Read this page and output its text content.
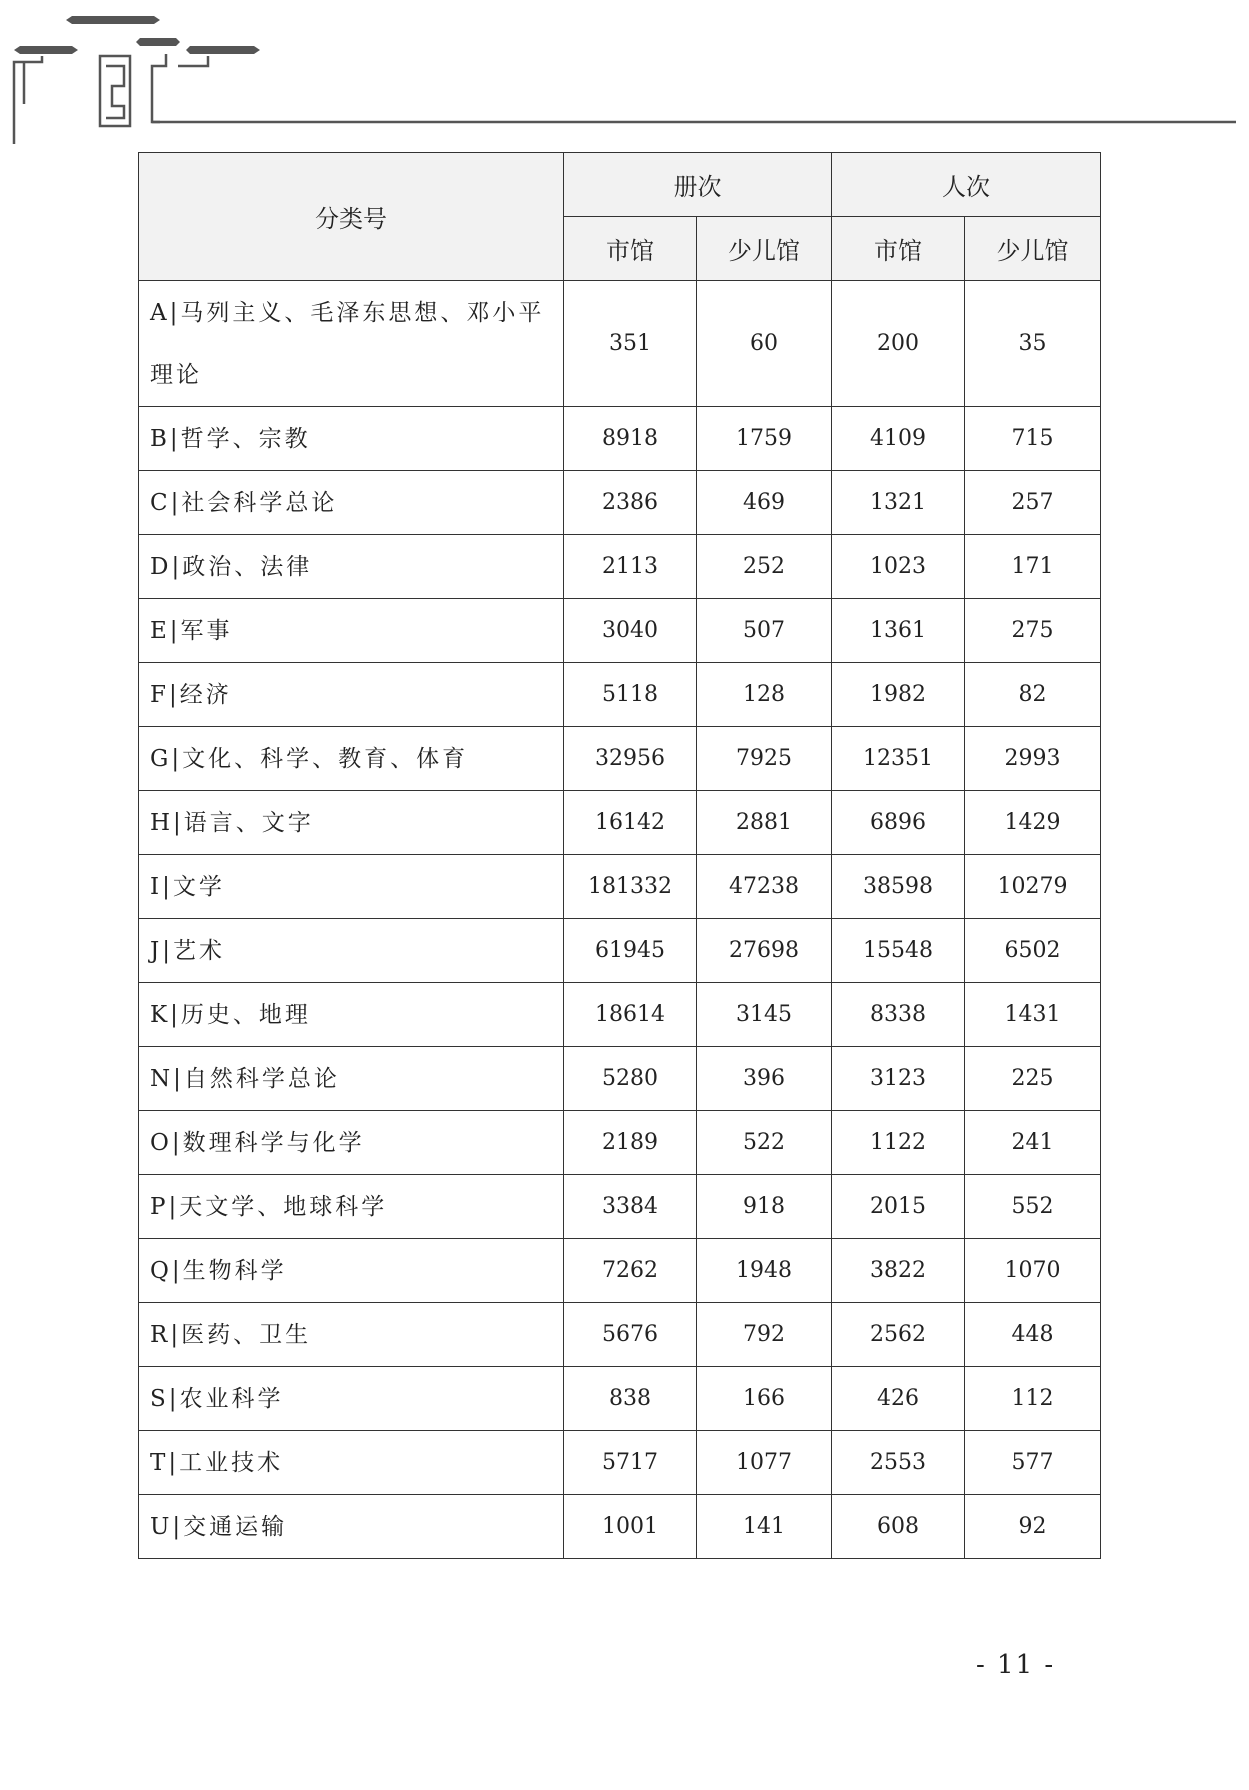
分类号	册次		人次	
	市馆	少儿馆	市馆	少儿馆
A|马列主义、毛泽东思想、邓小平理论	351	60	200	35
B|哲学、宗教	8918	1759	4109	715
C|社会科学总论	2386	469	1321	257
D|政治、法律	2113	252	1023	171
E|军事	3040	507	1361	275
F|经济	5118	128	1982	82
G|文化、科学、教育、体育	32956	7925	12351	2993
H|语言、文字	16142	2881	6896	1429
I|文学	181332	47238	38598	10279
J|艺术	61945	27698	15548	6502
K|历史、地理	18614	3145	8338	1431
N|自然科学总论	5280	396	3123	225
O|数理科学与化学	2189	522	1122	241
P|天文学、地球科学	3384	918	2015	552
Q|生物科学	7262	1948	3822	1070
R|医药、卫生	5676	792	2562	448
S|农业科学	838	166	426	112
T|工业技术	5717	1077	2553	577
U|交通运输	1001	141	608	92
- 11 -
